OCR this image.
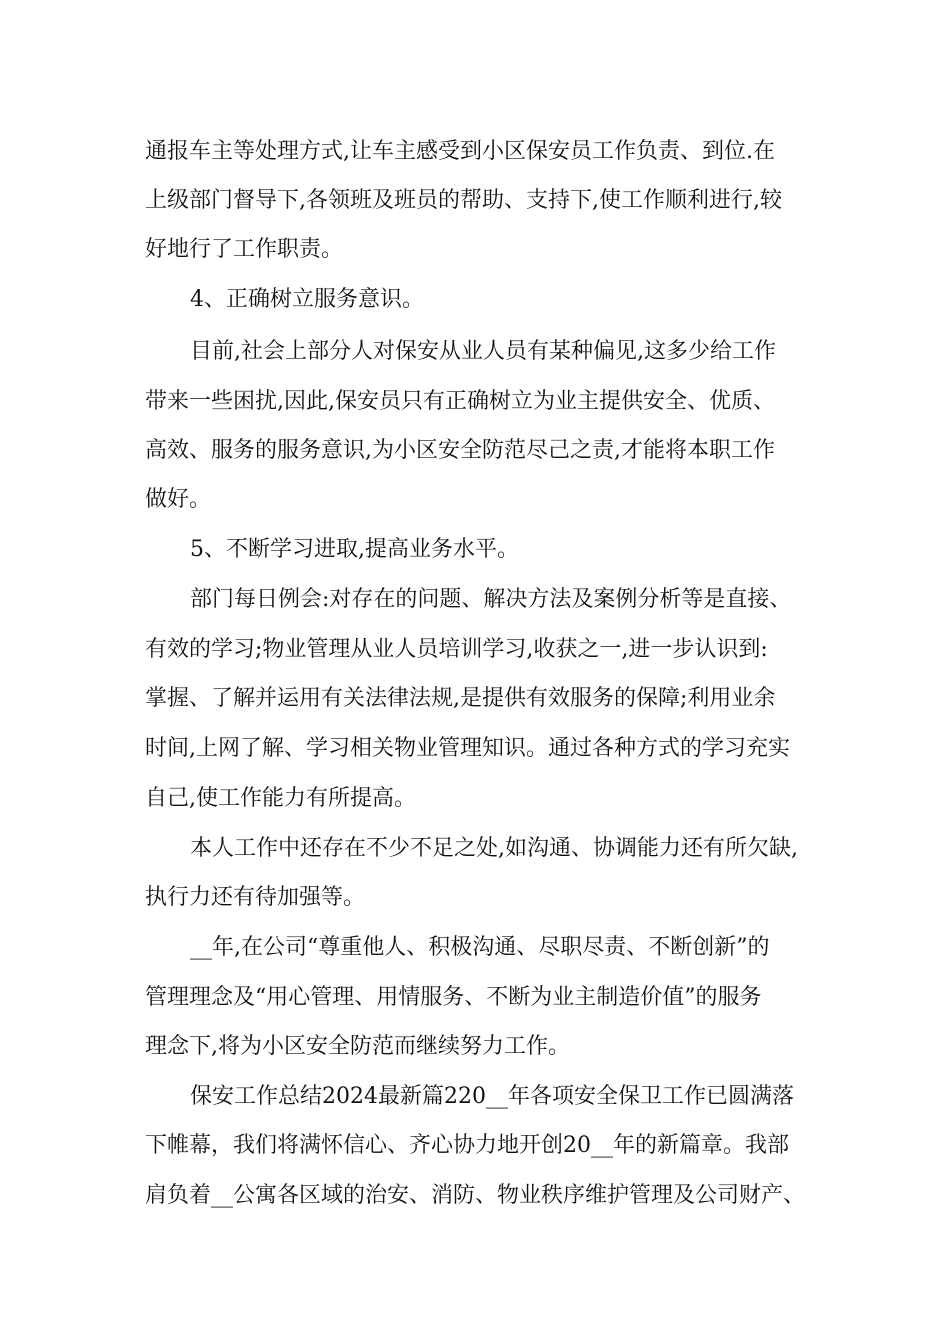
通报车主等处理方式,让车主感受到小区保安员工作负责、到位.在
上级部门督导下,各领班及班员的帮助、支持下,使工作顺利进行,较
好地行了工作职责。
4、正确树立服务意识。
目前,社会上部分人对保安从业人员有某种偏见,这多少给工作
带来一些困扰,因此,保安员只有正确树立为业主提供安全、优质、
高效、服务的服务意识,为小区安全防范尽己之责,才能将本职工作
做好。
5、不断学习进取,提高业务水平。
部门每日例会:对存在的问题、解决方法及案例分析等是直接、
有效的学习;物业管理从业人员培训学习,收获之一,进一步认识到:
掌握、了解并运用有关法律法规,是提供有效服务的保障;利用业余
时间,上网了解、学习相关物业管理知识。通过各种方式的学习充实
自己,使工作能力有所提高。
本人工作中还存在不少不足之处,如沟通、协调能力还有所欠缺,
执行力还有待加强等。
__年,在公司“尊重他人、积极沟通、尽职尽责、不断创新”的
管理理念及“用心管理、用情服务、不断为业主制造价值”的服务
理念下,将为小区安全防范而继续努力工作。
保安工作总结2024最新篇220__年各项安全保卫工作已圆满落
下帷幕，我们将满怀信心、齐心协力地开创20__年的新篇章。我部
肩负着__公寓各区域的治安、消防、物业秩序维护管理及公司财产、
